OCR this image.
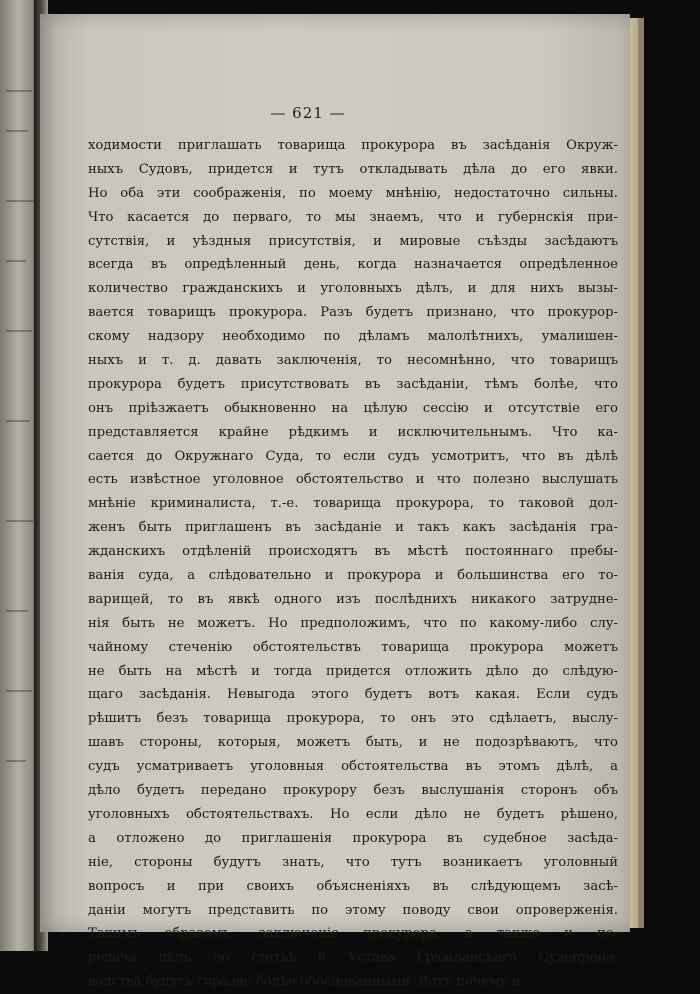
— 621 —
ходимости приглашать товарища прокурора въ засѣданія Окруж-
ныхъ Судовъ, придется и тутъ откладывать дѣла до его явки.
Но оба эти соображенія, по моему мнѣнію, недостаточно сильны.
Что касается до перваго, то мы знаемъ, что и губернскія при-
сутствія, и уѣздныя присутствія, и мировые съѣзды засѣдаютъ
всегда въ опредѣленный день, когда назначается опредѣленное
количество гражданскихъ и уголовныхъ дѣлъ, и для нихъ вызы-
вается товарищъ прокурора. Разъ будетъ признано, что прокурор-
скому надзору необходимо по дѣламъ малолѣтнихъ, умалишен-
ныхъ и т. д. давать заключенія, то несомнѣнно, что товарищъ
прокурора будетъ присутствовать въ засѣданіи, тѣмъ болѣе, что
онъ пріѣзжаетъ обыкновенно на цѣлую сессію и отсутствіе его
представляется крайне рѣдкимъ и исключительнымъ. Что ка-
сается до Окружнаго Суда, то если судъ усмотритъ, что въ дѣлѣ
есть извѣстное уголовное обстоятельство и что полезно выслушать
мнѣніе криминалиста, т.-е. товарища прокурора, то таковой дол-
женъ быть приглашенъ въ засѣданіе и такъ какъ засѣданія гра-
жданскихъ отдѣленій происходятъ въ мѣстѣ постояннаго пребы-
ванія суда, а слѣдовательно и прокурора и большинства его то-
варищей, то въ явкѣ одного изъ послѣднихъ никакого затрудне-
нія быть не можетъ. Но предположимъ, что по какому-либо слу-
чайному стеченію обстоятельствъ товарища прокурора можетъ
не быть на мѣстѣ и тогда придется отложить дѣло до слѣдую-
щаго засѣданія. Невыгода этого будетъ вотъ какая. Если судъ
рѣшитъ безъ товарища прокурора, то онъ это сдѣлаетъ, выслу-
шавъ стороны, которыя, можетъ быть, и не подозрѣваютъ, что
судъ усматриваетъ уголовныя обстоятельства въ этомъ дѣлѣ, а
дѣло будетъ передано прокурору безъ выслушанія сторонъ объ
уголовныхъ обстоятельствахъ. Но если дѣло не будетъ рѣшено,
а отложено до приглашенія прокурора въ судебное засѣда-
ніе, стороны будутъ знать, что тутъ возникаетъ уголовный
вопросъ и при своихъ объясненіяхъ въ слѣдующемъ засѣ-
даніи могутъ представить по этому поводу свои опроверженія.
Такимъ образомъ, заключеніе прокурора, а также и пе-
редача дѣлъ по статьѣ 8 Устава Гражданскаго Судопроиз-
водства будутъ гораздо болѣе обоснованными. Вотъ почему и
